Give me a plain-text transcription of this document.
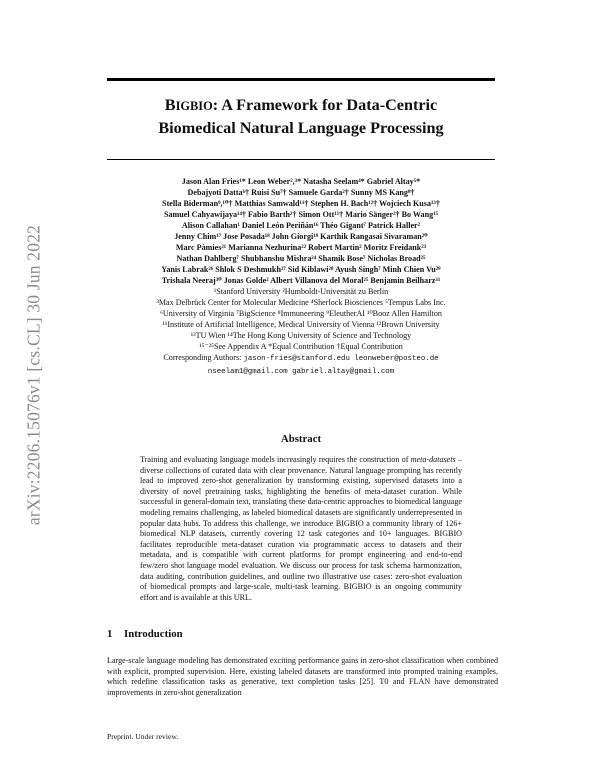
BIGBIO: A Framework for Data-Centric
Biomedical Natural Language Processing
arXiv:2206.15076v1 [cs.CL] 30 Jun 2022
Jason Alan Fries¹* Leon Weber²,³* Natasha Seelam⁴* Gabriel Altay⁵*
Debajyoti Datta⁶† Ruisi Su⁷† Samuele Garda²† Sunny MS Kang⁸†
Stella Biderman⁹,¹⁰† Matthias Samwald¹¹† Stephen H. Bach¹²† Wojciech Kusa¹³†
Samuel Cahyawijaya¹⁴† Fabio Barth²† Simon Ott¹¹† Mario Sänger²† Bo Wang¹⁵
Alison Callahan¹ Daniel León Periñán¹⁶ Théo Gigant⁷ Patrick Haller²
Jenny Chim¹⁷ Jose Posada¹⁸ John Giorgi¹⁹ Karthik Rangasai Sivaraman²⁰
Marc Pàmies²¹ Marianna Nezhurina²² Robert Martin² Moritz Freidank²³
Nathan Dahlberg⁷ Shubhanshu Mishra²⁴ Shamik Bose⁷ Nicholas Broad²⁵
Yanis Labrak²⁶ Shlok S Deshmukh²⁷ Sid Kiblawi²⁸ Ayush Singh⁷ Minh Chien Vu²⁹
Trishala Neeraj³⁰ Jonas Golde² Albert Villanova del Moral²⁵ Benjamin Beilharz³¹
¹Stanford University ²Humboldt-Universität zu Berlin
³Max Delbrück Center for Molecular Medicine ⁴Sherlock Biosciences ⁵Tempus Labs Inc.
⁶University of Virginia ⁷BigScience ⁸Immuneering ⁹EleutherAI ¹⁰Booz Allen Hamilton
¹¹Institute of Artificial Intelligence, Medical University of Vienna ¹²Brown University
¹³TU Wien ¹⁴The Hong Kong University of Science and Technology
¹⁵⁻²⁵See Appendix A *Equal Contribution †Equal Contribution
Corresponding Authors: jason-fries@stanford.edu leonweber@posteo.de
nseelam1@gmail.com gabriel.altay@gmail.com
Abstract

Training and evaluating language models increasingly requires the construction of meta-datasets – diverse collections of curated data with clear provenance. Natural language prompting has recently lead to improved zero-shot generalization by transforming existing, supervised datasets into a diversity of novel pretraining tasks, highlighting the benefits of meta-dataset curation. While successful in general-domain text, translating these data-centric approaches to biomedical language modeling remains challenging, as labeled biomedical datasets are significantly underrepresented in popular data hubs. To address this challenge, we introduce BIGBIO a community library of 126+ biomedical NLP datasets, currently covering 12 task categories and 10+ languages. BIGBIO facilitates reproducible meta-dataset curation via programmatic access to datasets and their metadata, and is compatible with current platforms for prompt engineering and end-to-end few/zero shot language model evaluation. We discuss our process for task schema harmonization, data auditing, contribution guidelines, and outline two illustrative use cases: zero-shot evaluation of biomedical prompts and large-scale, multi-task learning. BIGBIO is an ongoing community effort and is available at this URL.

1 Introduction

Large-scale language modeling has demonstrated exciting performance gains in zero-shot classification when combined with explicit, prompted supervision. Here, existing labeled datasets are transformed into prompted training examples, which redefine classification tasks as generative, text completion tasks [25]. T0 and FLAN have demonstrated improvements in zero-shot generalization

Preprint. Under review.
